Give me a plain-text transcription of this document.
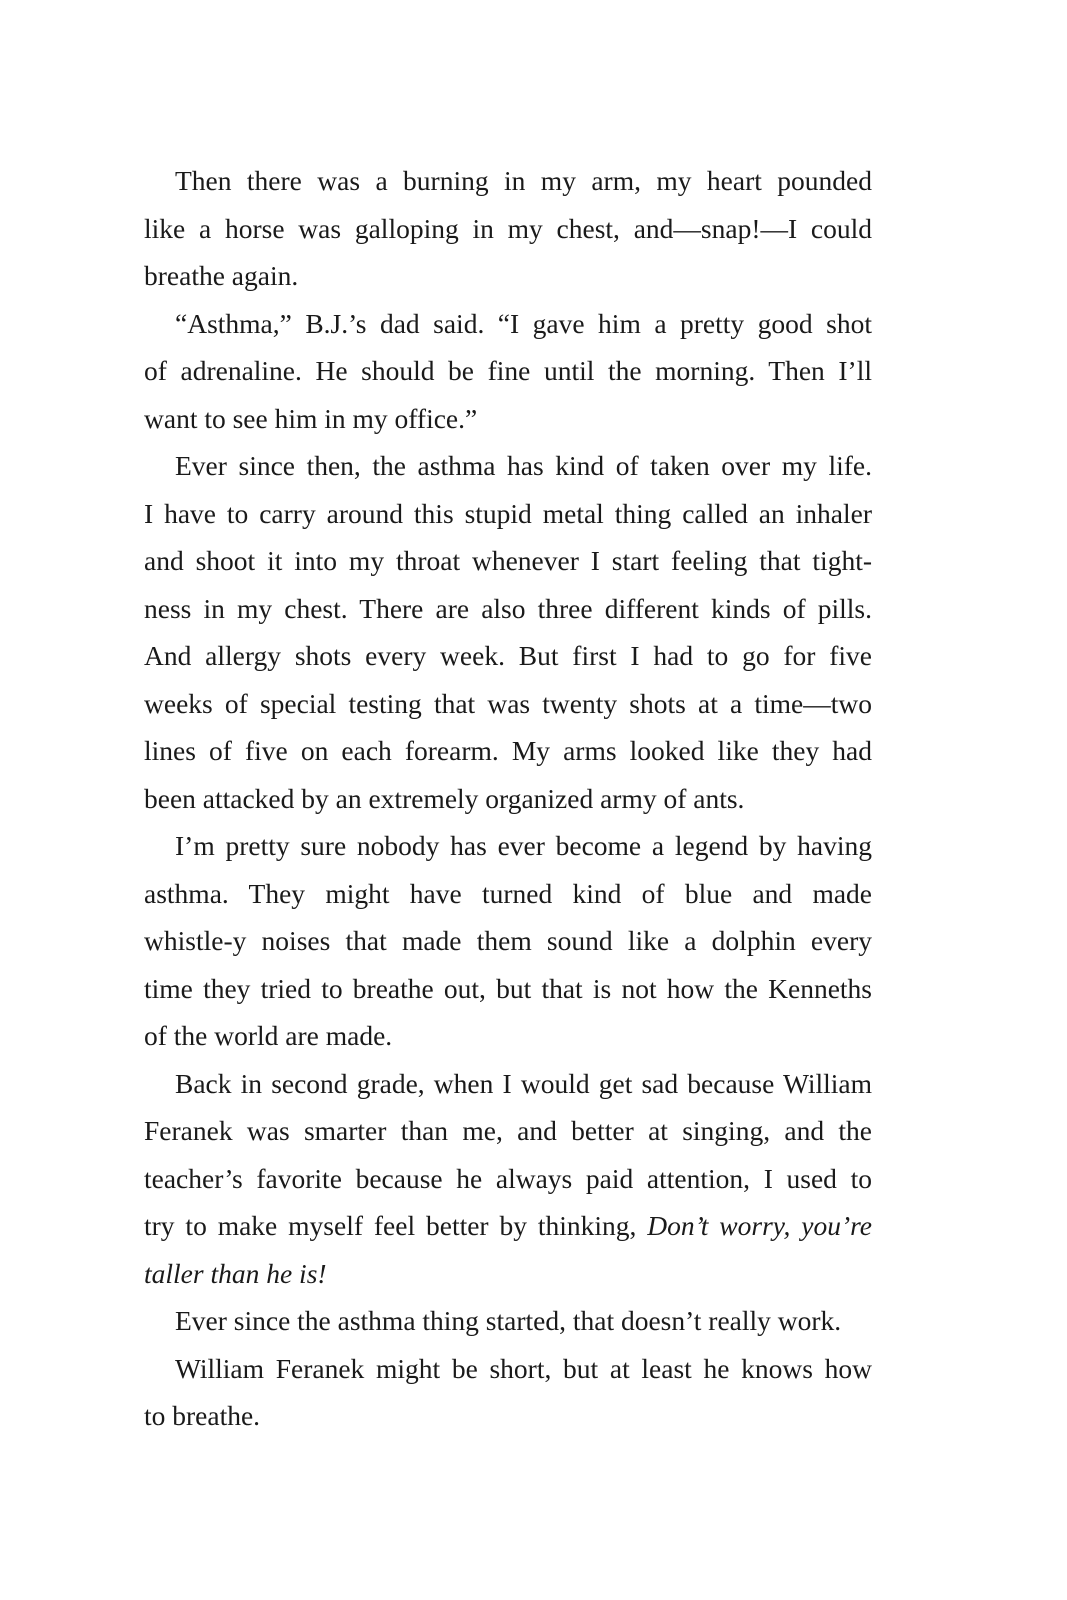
Then there was a burning in my arm, my heart pounded
like a horse was galloping in my chest, and—snap!—I could
breathe again.
“Asthma,” B.J.’s dad said. “I gave him a pretty good shot
of adrenaline. He should be fine until the morning. Then I’ll
want to see him in my office.”
Ever since then, the asthma has kind of taken over my life.
I have to carry around this stupid metal thing called an inhaler
and shoot it into my throat whenever I start feeling that tight-
ness in my chest. There are also three different kinds of pills.
And allergy shots every week. But first I had to go for five
weeks of special testing that was twenty shots at a time—two
lines of five on each forearm. My arms looked like they had
been attacked by an extremely organized army of ants.
I’m pretty sure nobody has ever become a legend by having
asthma. They might have turned kind of blue and made
whistle-y noises that made them sound like a dolphin every
time they tried to breathe out, but that is not how the Kenneths
of the world are made.
Back in second grade, when I would get sad because William
Feranek was smarter than me, and better at singing, and the
teacher’s favorite because he always paid attention, I used to
try to make myself feel better by thinking, Don’t worry, you’re
taller than he is!
Ever since the asthma thing started, that doesn’t really work.
William Feranek might be short, but at least he knows how
to breathe.
